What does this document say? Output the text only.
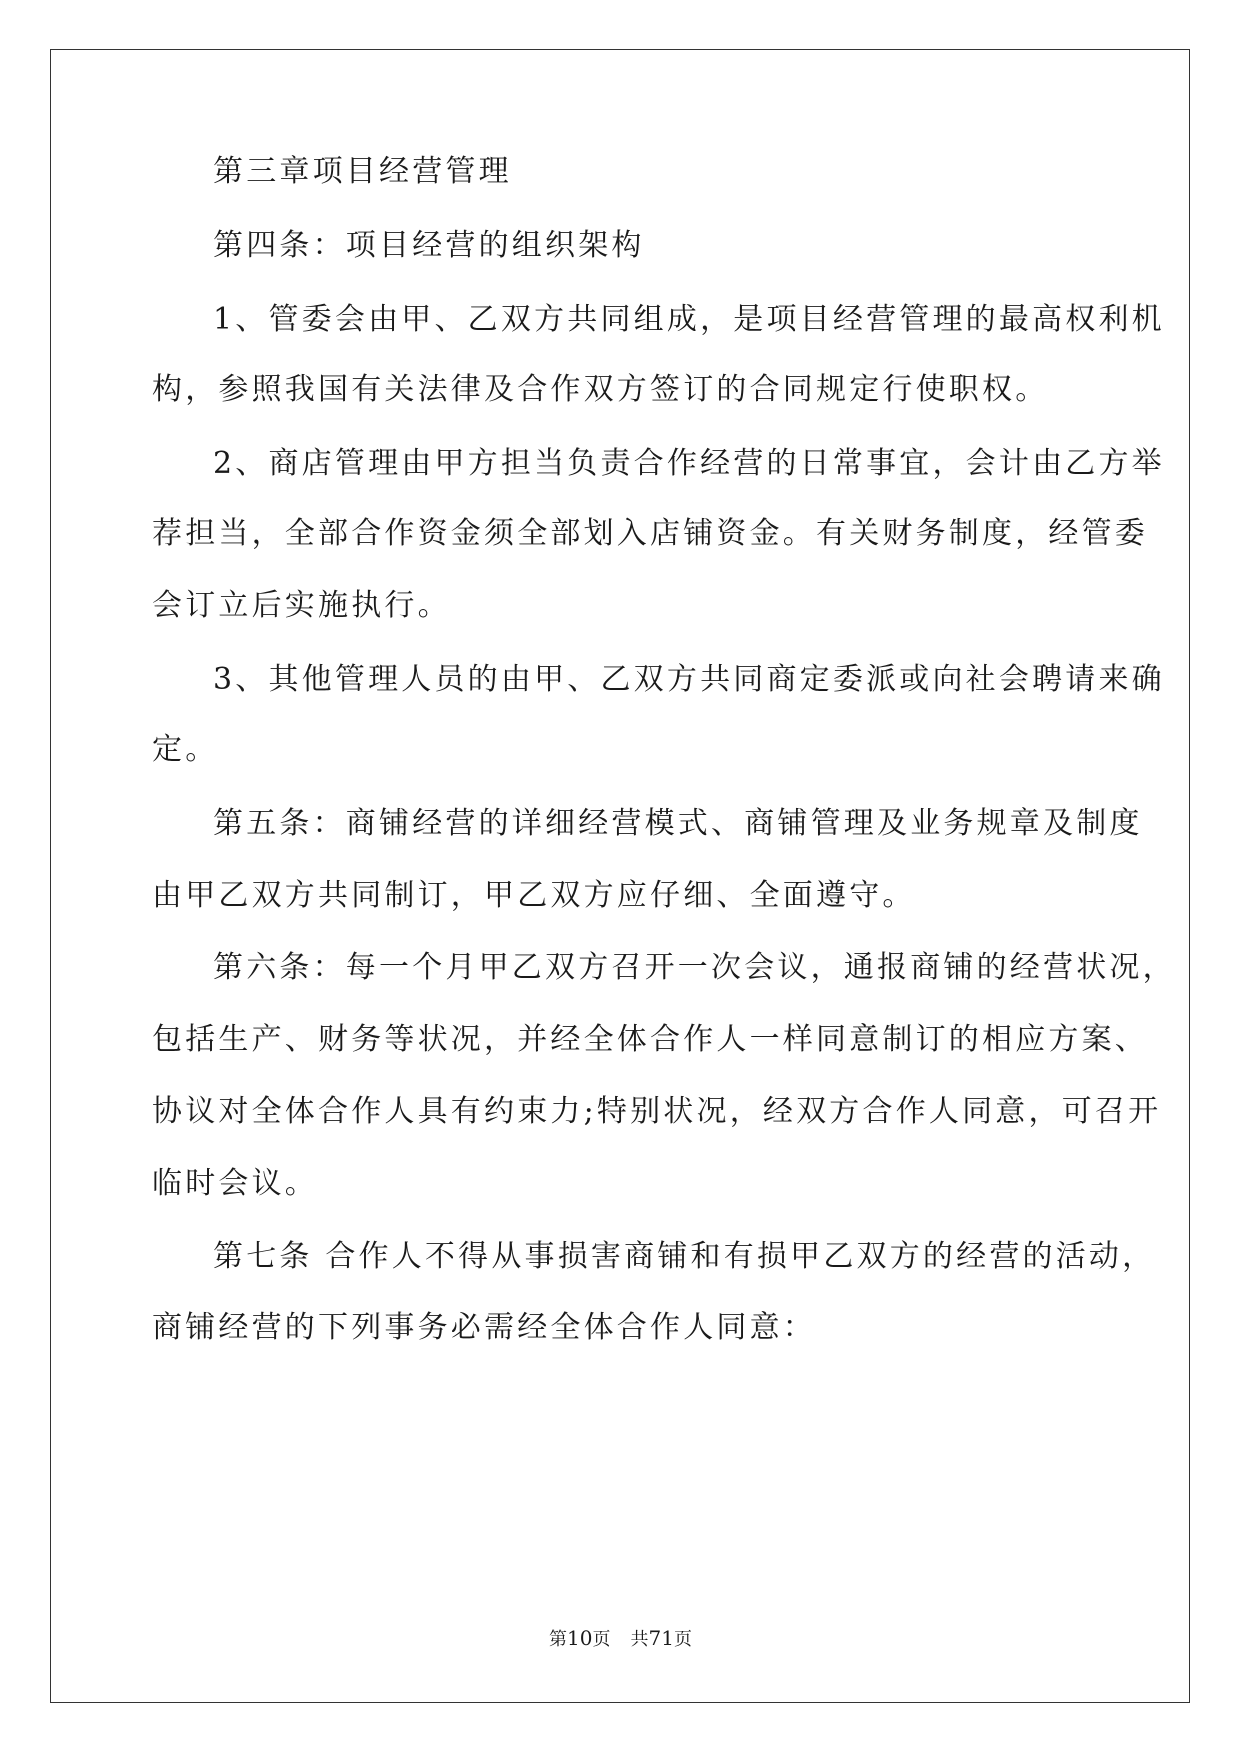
第三章项目经营管理
第四条：项目经营的组织架构
1、管委会由甲、乙双方共同组成，是项目经营管理的最高权利机
构，参照我国有关法律及合作双方签订的合同规定行使职权。
2、商店管理由甲方担当负责合作经营的日常事宜，会计由乙方举
荐担当，全部合作资金须全部划入店铺资金。有关财务制度，经管委
会订立后实施执行。
3、其他管理人员的由甲、乙双方共同商定委派或向社会聘请来确
定。
第五条：商铺经营的详细经营模式、商铺管理及业务规章及制度
由甲乙双方共同制订，甲乙双方应仔细、全面遵守。
第六条：每一个月甲乙双方召开一次会议，通报商铺的经营状况，
包括生产、财务等状况，并经全体合作人一样同意制订的相应方案、
协议对全体合作人具有约束力;特别状况，经双方合作人同意，可召开
临时会议。
第七条 合作人不得从事损害商铺和有损甲乙双方的经营的活动，
商铺经营的下列事务必需经全体合作人同意：
第10页 共71页
